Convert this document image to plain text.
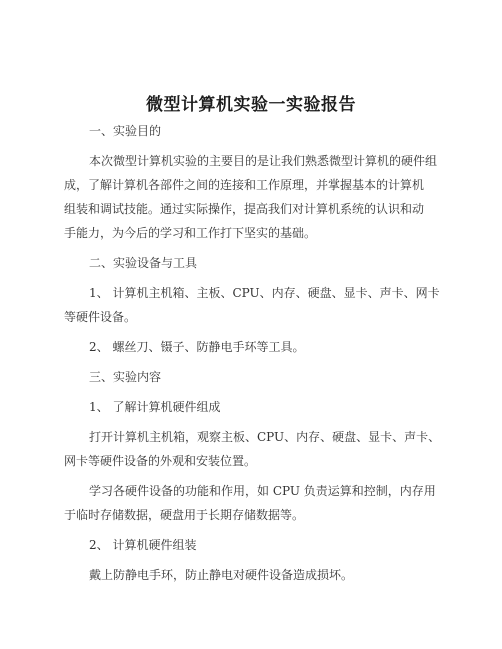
微型计算机实验一实验报告
一、实验目的
本次微型计算机实验的主要目的是让我们熟悉微型计算机的硬件组
成，了解计算机各部件之间的连接和工作原理，并掌握基本的计算机
组装和调试技能。通过实际操作，提高我们对计算机系统的认识和动
手能力，为今后的学习和工作打下坚实的基础。
二、实验设备与工具
1、 计算机主机箱、主板、CPU、内存、硬盘、显卡、声卡、网卡
等硬件设备。
2、 螺丝刀、镊子、防静电手环等工具。
三、实验内容
1、 了解计算机硬件组成
打开计算机主机箱，观察主板、CPU、内存、硬盘、显卡、声卡、
网卡等硬件设备的外观和安装位置。
学习各硬件设备的功能和作用，如 CPU 负责运算和控制，内存用
于临时存储数据，硬盘用于长期存储数据等。
2、 计算机硬件组装
戴上防静电手环，防止静电对硬件设备造成损坏。
